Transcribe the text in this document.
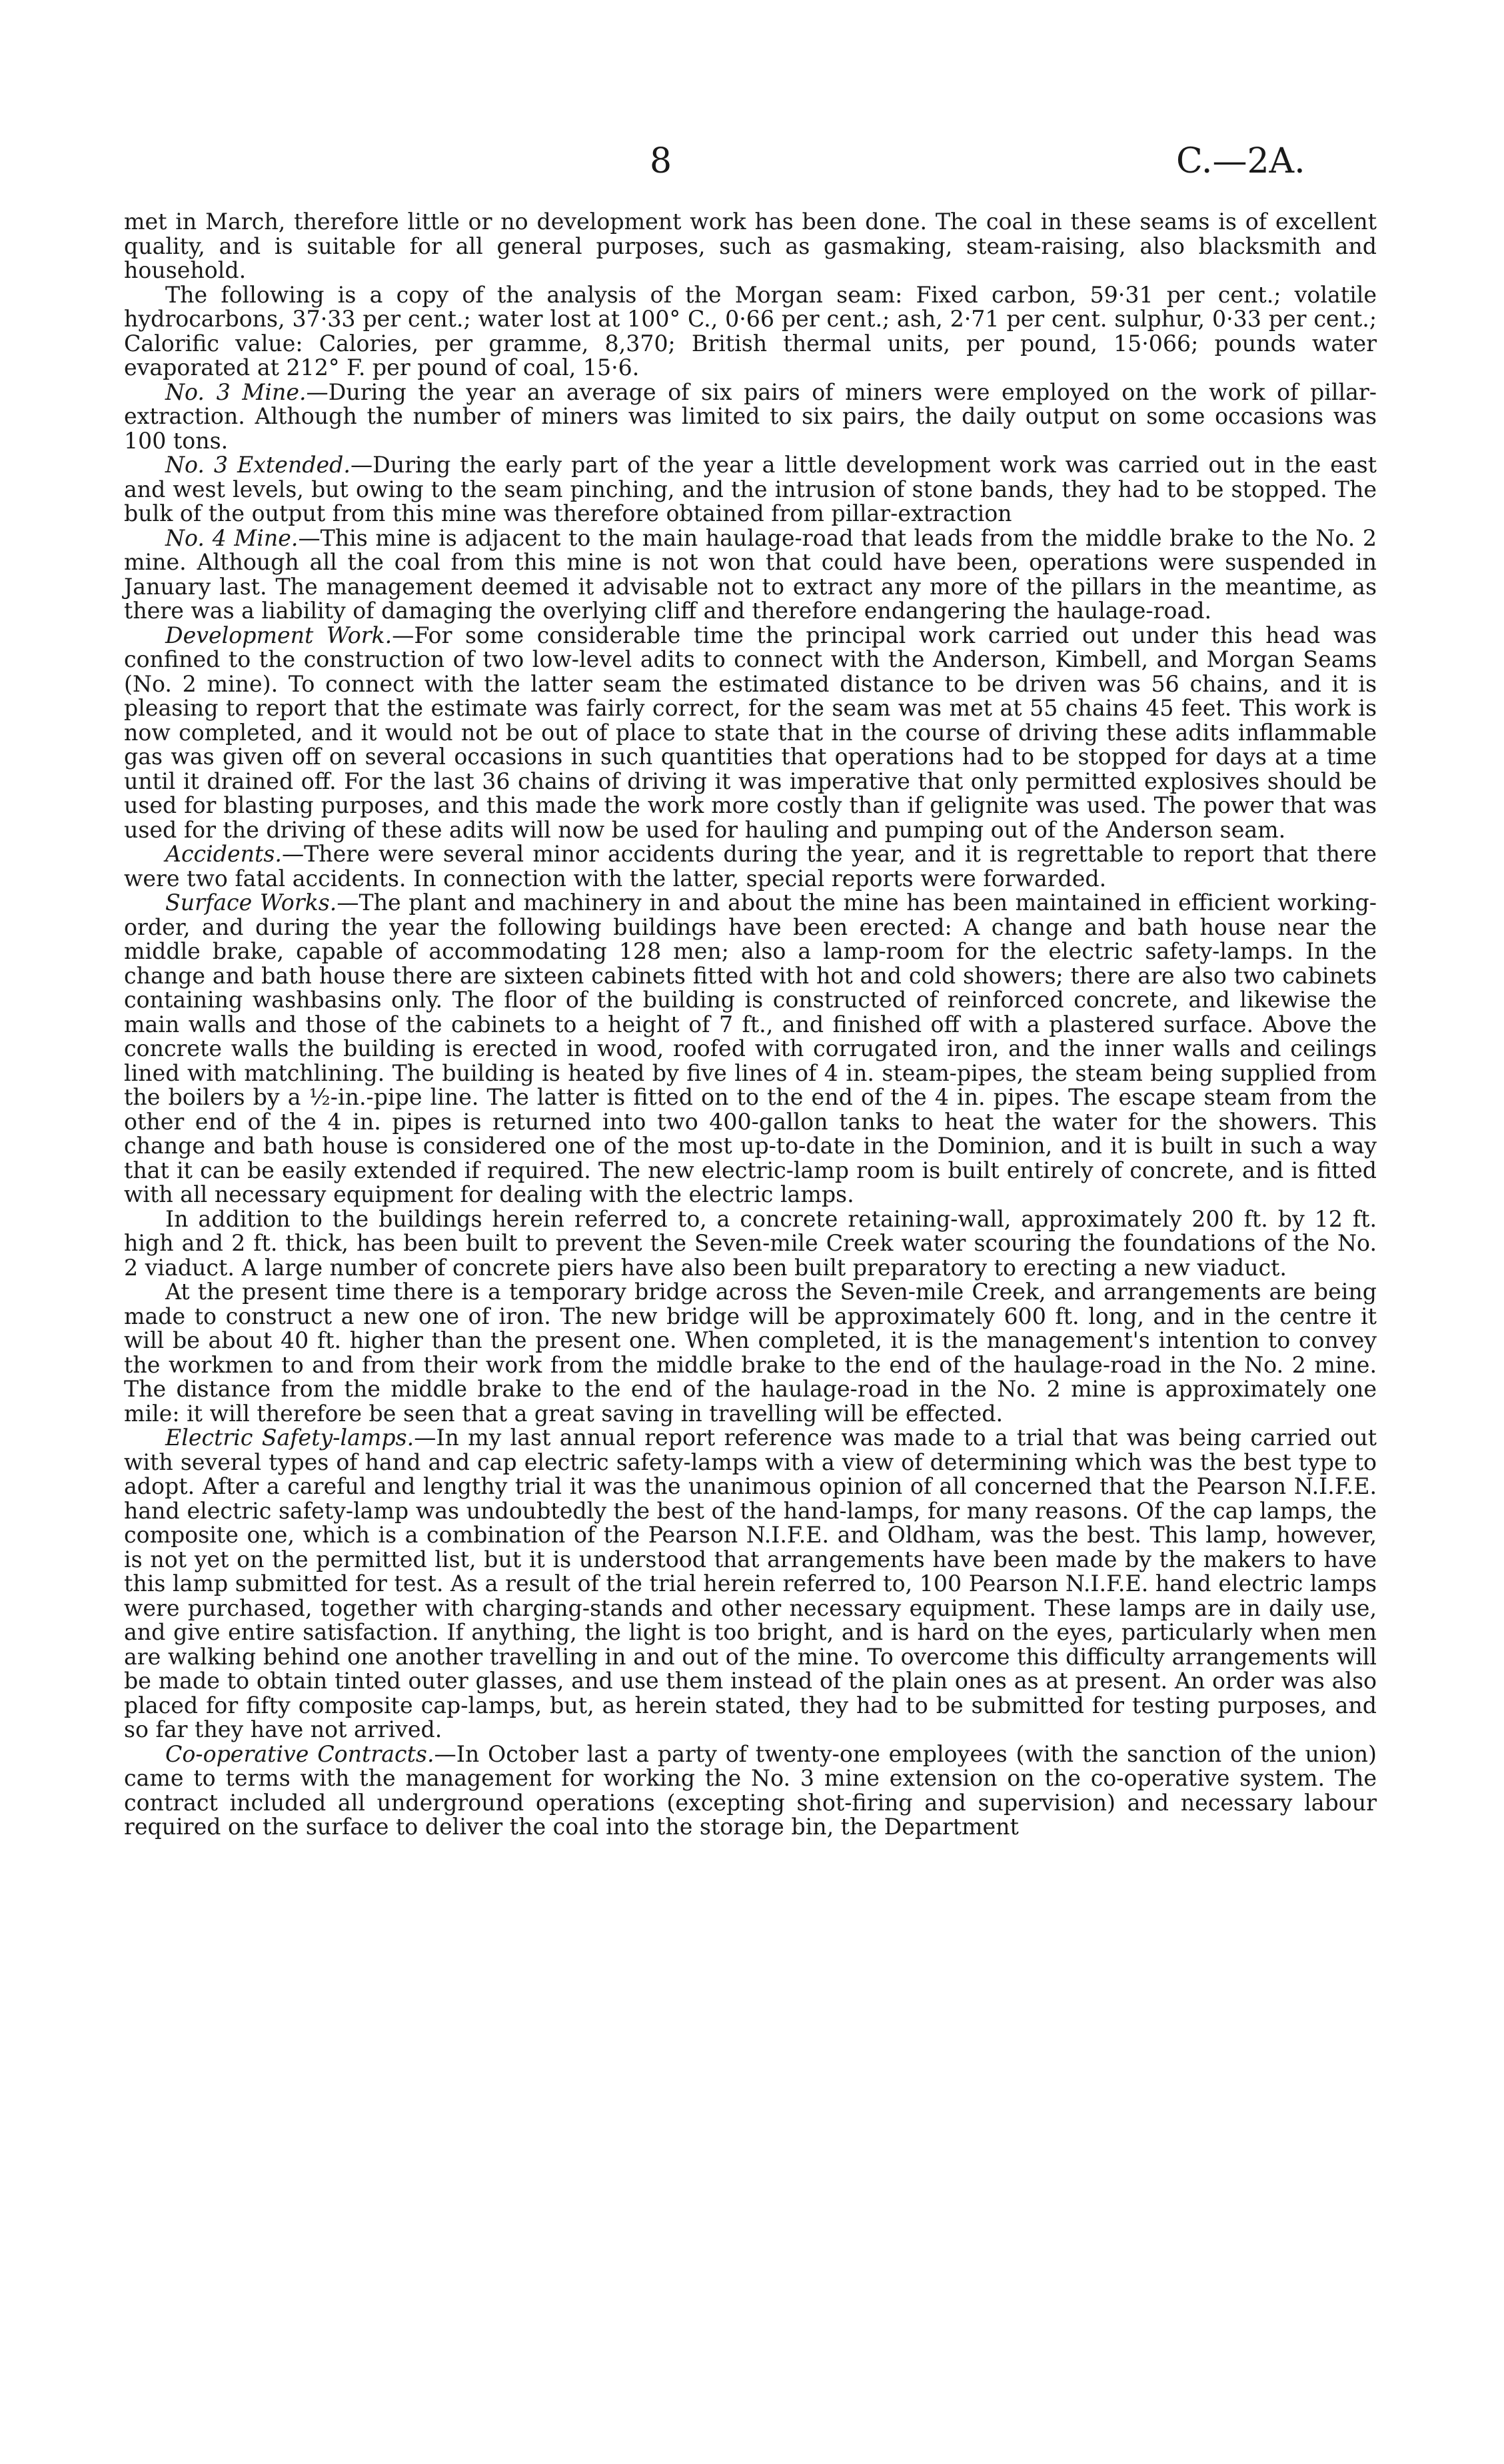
8	C.—2A.

met in March, therefore little or no development work has been done. The coal in these seams is of excellent quality, and is suitable for all general purposes, such as gasmaking, steam-raising, also blacksmith and household.

The following is a copy of the analysis of the Morgan seam: Fixed carbon, 59·31 per cent.; volatile hydrocarbons, 37·33 per cent.; water lost at 100° C., 0·66 per cent.; ash, 2·71 per cent. sulphur, 0·33 per cent.; Calorific value: Calories, per gramme, 8,370; British thermal units, per pound, 15·066; pounds water evaporated at 212° F. per pound of coal, 15·6.

No. 3 Mine.—During the year an average of six pairs of miners were employed on the work of pillar-extraction. Although the number of miners was limited to six pairs, the daily output on some occasions was 100 tons.

No. 3 Extended.—During the early part of the year a little development work was carried out in the east and west levels, but owing to the seam pinching, and the intrusion of stone bands, they had to be stopped. The bulk of the output from this mine was therefore obtained from pillar-extraction

No. 4 Mine.—This mine is adjacent to the main haulage-road that leads from the middle brake to the No. 2 mine. Although all the coal from this mine is not won that could have been, operations were suspended in January last. The management deemed it advisable not to extract any more of the pillars in the meantime, as there was a liability of damaging the overlying cliff and therefore endangering the haulage-road.

Development Work.—For some considerable time the principal work carried out under this head was confined to the construction of two low-level adits to connect with the Anderson, Kimbell, and Morgan Seams (No. 2 mine). To connect with the latter seam the estimated distance to be driven was 56 chains, and it is pleasing to report that the estimate was fairly correct, for the seam was met at 55 chains 45 feet. This work is now completed, and it would not be out of place to state that in the course of driving these adits inflammable gas was given off on several occasions in such quantities that operations had to be stopped for days at a time until it drained off. For the last 36 chains of driving it was imperative that only permitted explosives should be used for blasting purposes, and this made the work more costly than if gelignite was used. The power that was used for the driving of these adits will now be used for hauling and pumping out of the Anderson seam.

Accidents.—There were several minor accidents during the year, and it is regrettable to report that there were two fatal accidents. In connection with the latter, special reports were forwarded.

Surface Works.—The plant and machinery in and about the mine has been maintained in efficient working-order, and during the year the following buildings have been erected: A change and bath house near the middle brake, capable of accommodating 128 men; also a lamp-room for the electric safety-lamps. In the change and bath house there are sixteen cabinets fitted with hot and cold showers; there are also two cabinets containing washbasins only. The floor of the building is constructed of reinforced concrete, and likewise the main walls and those of the cabinets to a height of 7 ft., and finished off with a plastered surface. Above the concrete walls the building is erected in wood, roofed with corrugated iron, and the inner walls and ceilings lined with matchlining. The building is heated by five lines of 4 in. steam-pipes, the steam being supplied from the boilers by a ½-in.-pipe line. The latter is fitted on to the end of the 4 in. pipes. The escape steam from the other end of the 4 in. pipes is returned into two 400-gallon tanks to heat the water for the showers. This change and bath house is considered one of the most up-to-date in the Dominion, and it is built in such a way that it can be easily extended if required. The new electric-lamp room is built entirely of concrete, and is fitted with all necessary equipment for dealing with the electric lamps.

In addition to the buildings herein referred to, a concrete retaining-wall, approximately 200 ft. by 12 ft. high and 2 ft. thick, has been built to prevent the Seven-mile Creek water scouring the foundations of the No. 2 viaduct. A large number of concrete piers have also been built preparatory to erecting a new viaduct.

At the present time there is a temporary bridge across the Seven-mile Creek, and arrangements are being made to construct a new one of iron. The new bridge will be approximately 600 ft. long, and in the centre it will be about 40 ft. higher than the present one. When completed, it is the management's intention to convey the workmen to and from their work from the middle brake to the end of the haulage-road in the No. 2 mine. The distance from the middle brake to the end of the haulage-road in the No. 2 mine is approximately one mile: it will therefore be seen that a great saving in travelling will be effected.

Electric Safety-lamps.—In my last annual report reference was made to a trial that was being carried out with several types of hand and cap electric safety-lamps with a view of determining which was the best type to adopt. After a careful and lengthy trial it was the unanimous opinion of all concerned that the Pearson N.I.F.E. hand electric safety-lamp was undoubtedly the best of the hand-lamps, for many reasons. Of the cap lamps, the composite one, which is a combination of the Pearson N.I.F.E. and Oldham, was the best. This lamp, however, is not yet on the permitted list, but it is understood that arrangements have been made by the makers to have this lamp submitted for test. As a result of the trial herein referred to, 100 Pearson N.I.F.E. hand electric lamps were purchased, together with charging-stands and other necessary equipment. These lamps are in daily use, and give entire satisfaction. If anything, the light is too bright, and is hard on the eyes, particularly when men are walking behind one another travelling in and out of the mine. To overcome this difficulty arrangements will be made to obtain tinted outer glasses, and use them instead of the plain ones as at present. An order was also placed for fifty composite cap-lamps, but, as herein stated, they had to be submitted for testing purposes, and so far they have not arrived.

Co-operative Contracts.—In October last a party of twenty-one employees (with the sanction of the union) came to terms with the management for working the No. 3 mine extension on the co-operative system. The contract included all underground operations (excepting shot-firing and supervision) and necessary labour required on the surface to deliver the coal into the storage bin, the Department
